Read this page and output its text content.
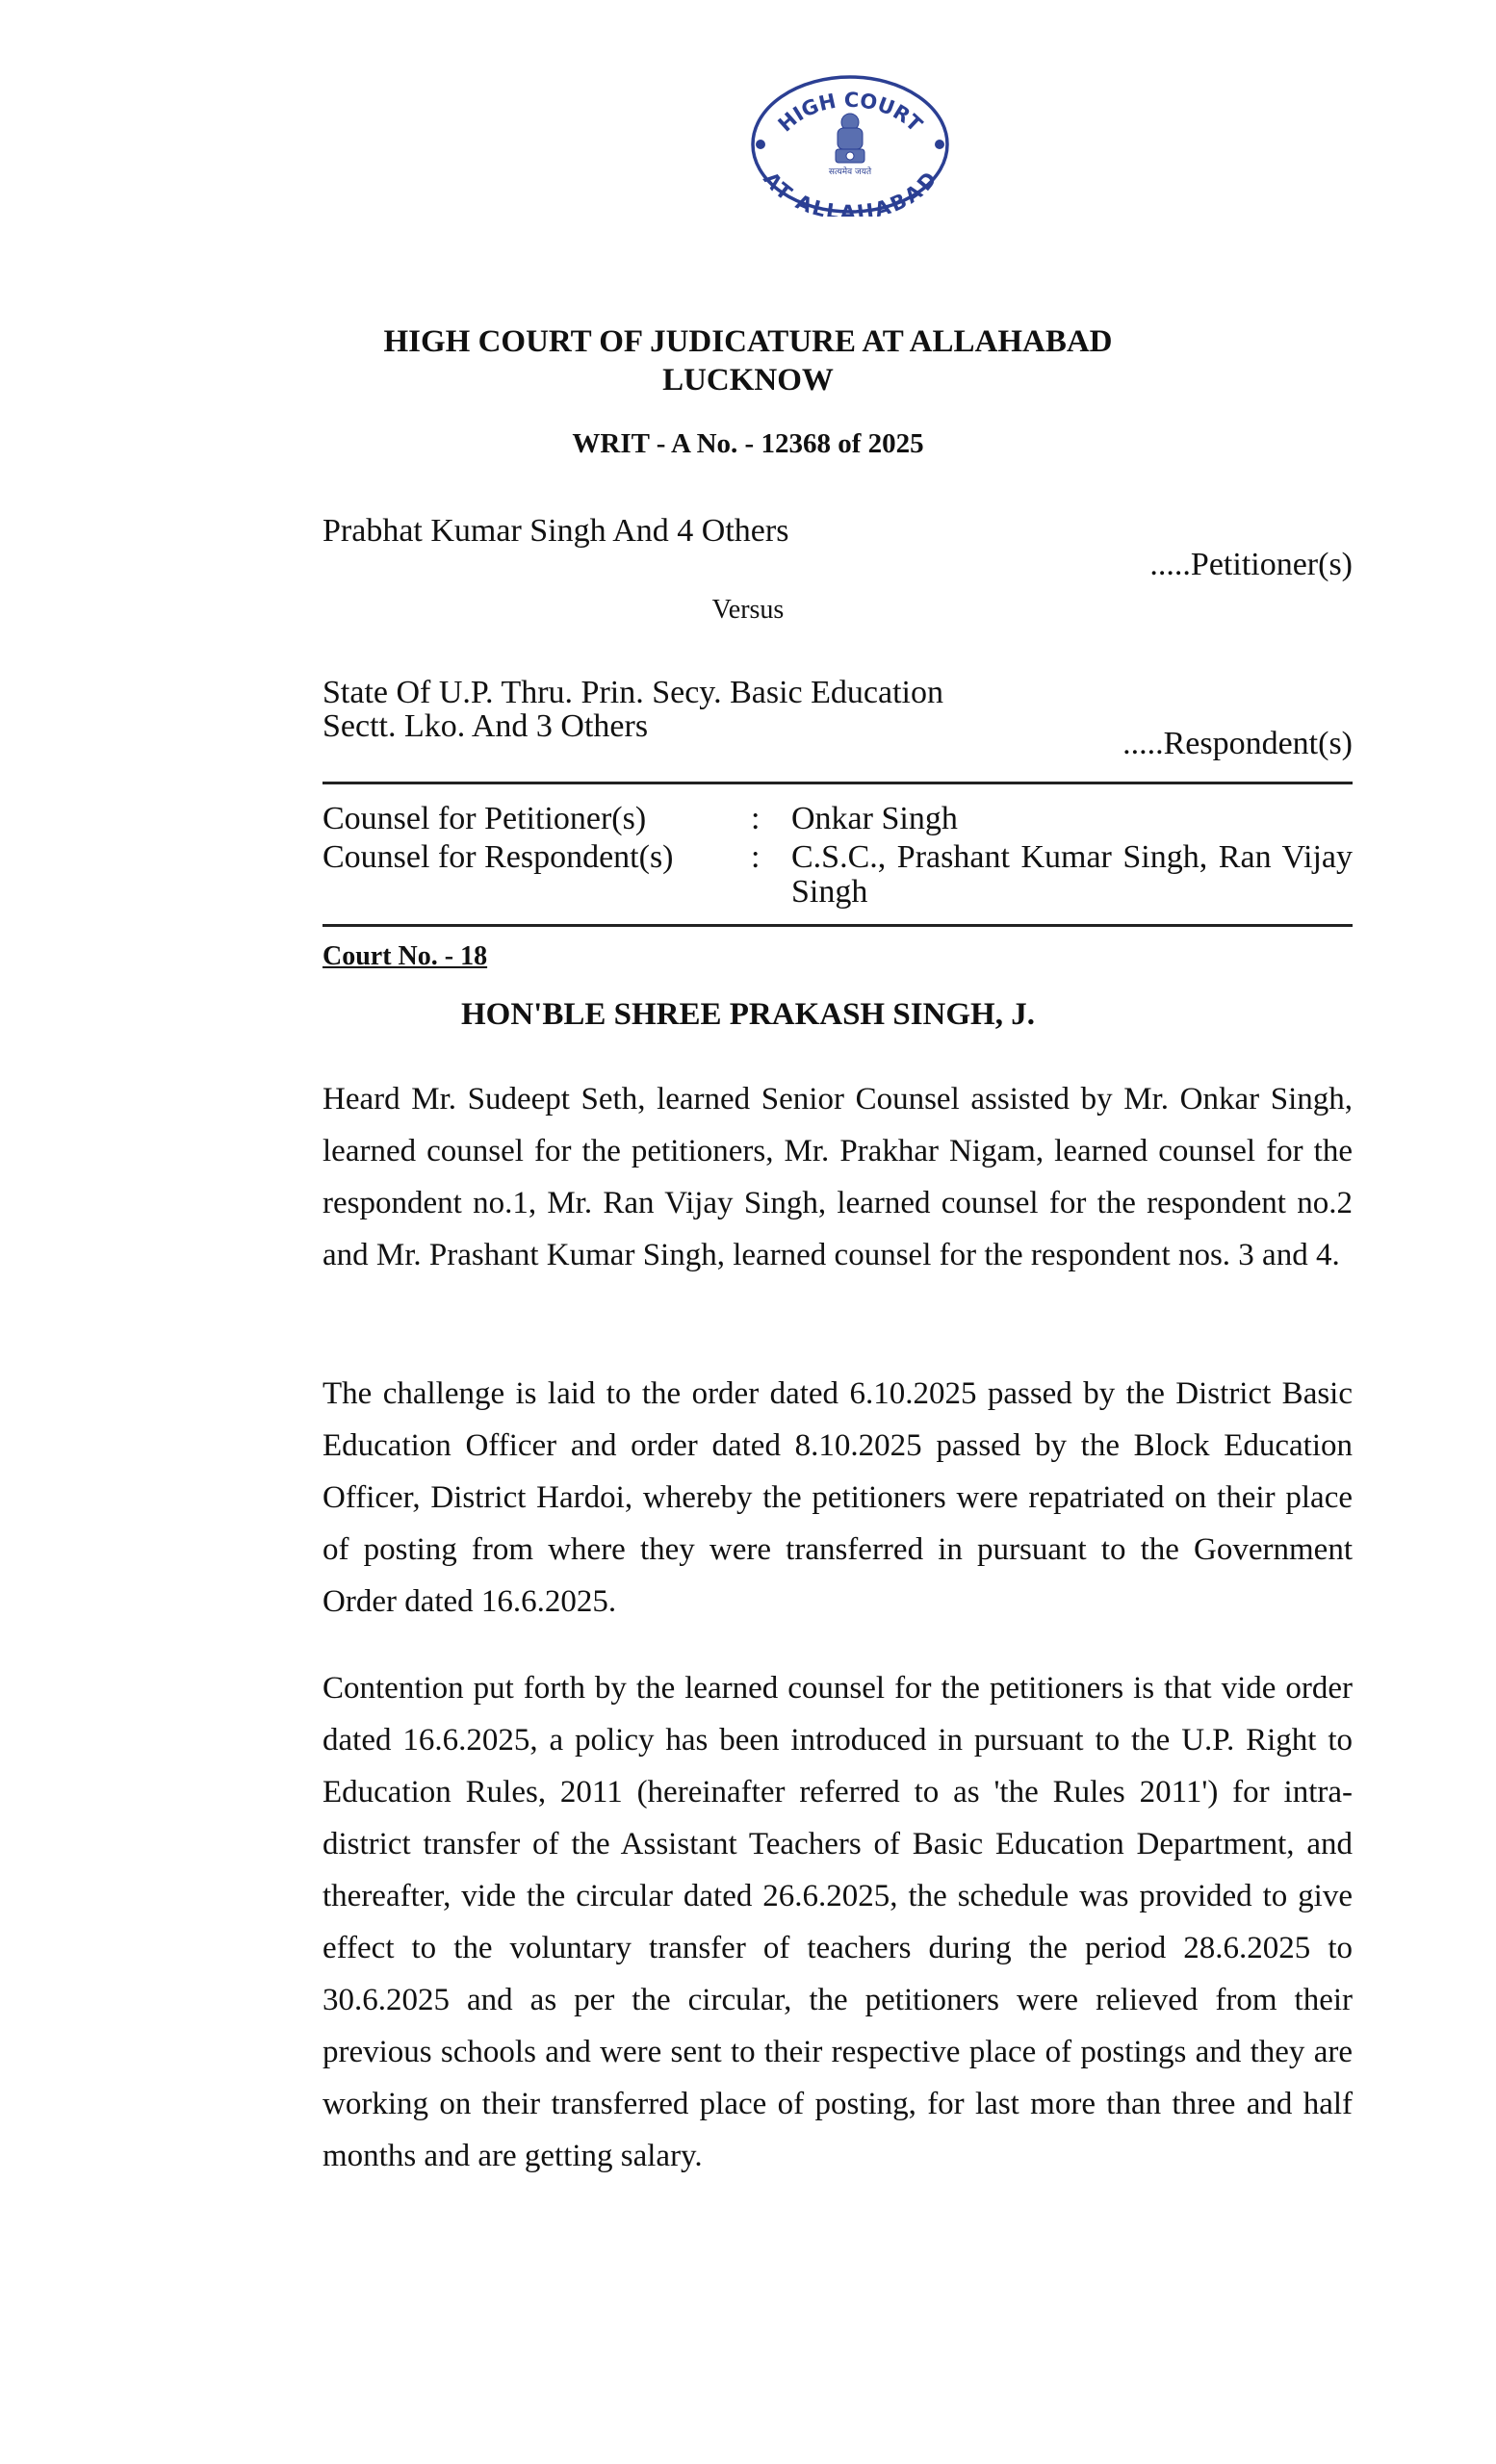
HIGH COURT
AT ALLAHABAD
सत्यमेव जयते
HIGH COURT OF JUDICATURE AT ALLAHABAD
LUCKNOW
WRIT - A No. - 12368 of 2025
Prabhat Kumar Singh And 4 Others
.....Petitioner(s)
Versus
State Of U.P. Thru. Prin. Secy. Basic Education
Sectt. Lko. And 3 Others	.....Respondent(s)
Counsel for Petitioner(s)	: Onkar Singh
Counsel for Respondent(s)	: C.S.C., Prashant Kumar Singh, Ran Vijay Singh
Court No. - 18
HON'BLE SHREE PRAKASH SINGH, J.

Heard Mr. Sudeept Seth, learned Senior Counsel assisted by Mr. Onkar Singh, learned counsel for the petitioners, Mr. Prakhar Nigam, learned counsel for the respondent no.1, Mr. Ran Vijay Singh, learned counsel for the respondent no.2 and Mr. Prashant Kumar Singh, learned counsel for the respondent nos. 3 and 4.

The challenge is laid to the order dated 6.10.2025 passed by the District Basic Education Officer and order dated 8.10.2025 passed by the Block Education Officer, District Hardoi, whereby the petitioners were repatriated on their place of posting from where they were transferred in pursuant to the Government Order dated 16.6.2025.

Contention put forth by the learned counsel for the petitioners is that vide order dated 16.6.2025, a policy has been introduced in pursuant to the U.P. Right to Education Rules, 2011 (hereinafter referred to as 'the Rules 2011') for intra-district transfer of the Assistant Teachers of Basic Education Department, and thereafter, vide the circular dated 26.6.2025, the schedule was provided to give effect to the voluntary transfer of teachers during the period 28.6.2025 to 30.6.2025 and as per the circular, the petitioners were relieved from their previous schools and were sent to their respective place of postings and they are working on their transferred place of posting, for last more than three and half months and are getting salary.
